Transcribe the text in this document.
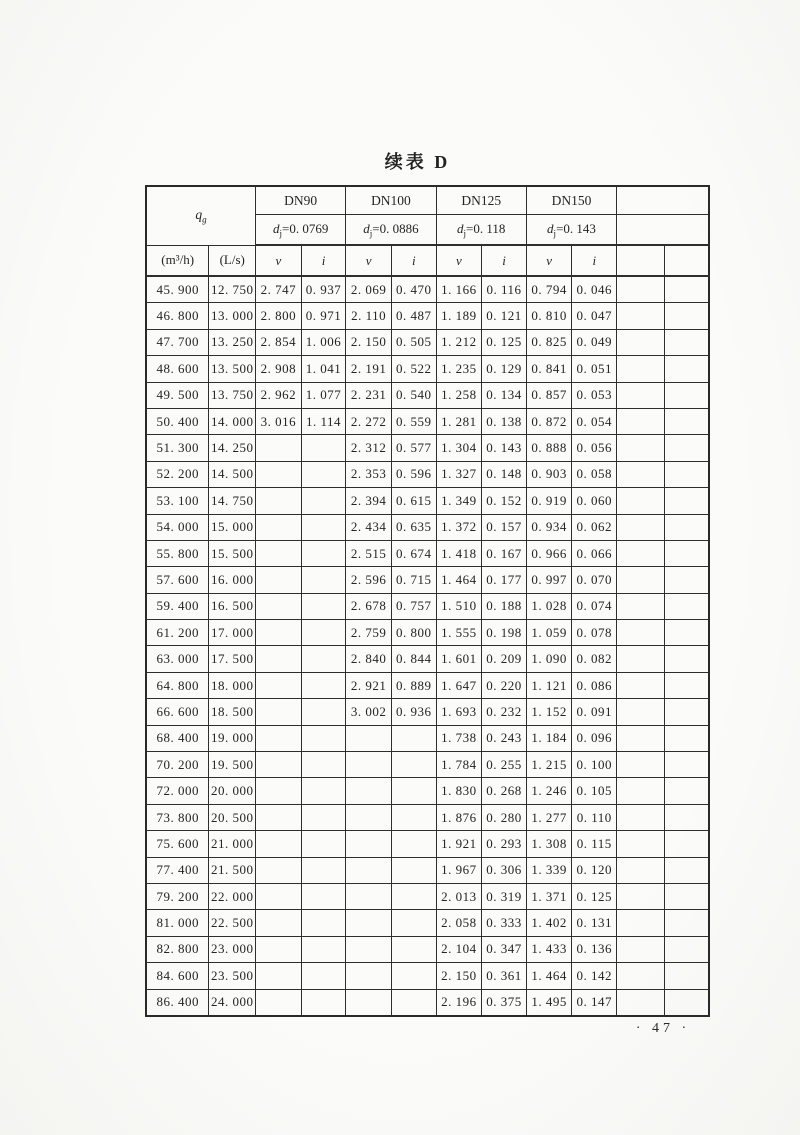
续表 D
$q_g$		DN90		DN100		DN125		DN150			
		$d_j=0$. 0769		$d_j=0$. 0886		$d_j=0$. 118		$d_j=0$. 143			
(m³/h)	(L/s)	v	i	v	i	v	i	v	i		
45. 900	12. 750	2. 747	0. 937	2. 069	0. 470	1. 166	0. 116	0. 794	0. 046		
46. 800	13. 000	2. 800	0. 971	2. 110	0. 487	1. 189	0. 121	0. 810	0. 047		
47. 700	13. 250	2. 854	1. 006	2. 150	0. 505	1. 212	0. 125	0. 825	0. 049		
48. 600	13. 500	2. 908	1. 041	2. 191	0. 522	1. 235	0. 129	0. 841	0. 051		
49. 500	13. 750	2. 962	1. 077	2. 231	0. 540	1. 258	0. 134	0. 857	0. 053		
50. 400	14. 000	3. 016	1. 114	2. 272	0. 559	1. 281	0. 138	0. 872	0. 054		
51. 300	14. 250			2. 312	0. 577	1. 304	0. 143	0. 888	0. 056		
52. 200	14. 500			2. 353	0. 596	1. 327	0. 148	0. 903	0. 058		
53. 100	14. 750			2. 394	0. 615	1. 349	0. 152	0. 919	0. 060		
54. 000	15. 000			2. 434	0. 635	1. 372	0. 157	0. 934	0. 062		
55. 800	15. 500			2. 515	0. 674	1. 418	0. 167	0. 966	0. 066		
57. 600	16. 000			2. 596	0. 715	1. 464	0. 177	0. 997	0. 070		
59. 400	16. 500			2. 678	0. 757	1. 510	0. 188	1. 028	0. 074		
61. 200	17. 000			2. 759	0. 800	1. 555	0. 198	1. 059	0. 078		
63. 000	17. 500			2. 840	0. 844	1. 601	0. 209	1. 090	0. 082		
64. 800	18. 000			2. 921	0. 889	1. 647	0. 220	1. 121	0. 086		
66. 600	18. 500			3. 002	0. 936	1. 693	0. 232	1. 152	0. 091		
68. 400	19. 000					1. 738	0. 243	1. 184	0. 096		
70. 200	19. 500					1. 784	0. 255	1. 215	0. 100		
72. 000	20. 000					1. 830	0. 268	1. 246	0. 105		
73. 800	20. 500					1. 876	0. 280	1. 277	0. 110		
75. 600	21. 000					1. 921	0. 293	1. 308	0. 115		
77. 400	21. 500					1. 967	0. 306	1. 339	0. 120		
79. 200	22. 000					2. 013	0. 319	1. 371	0. 125		
81. 000	22. 500					2. 058	0. 333	1. 402	0. 131		
82. 800	23. 000					2. 104	0. 347	1. 433	0. 136		
84. 600	23. 500					2. 150	0. 361	1. 464	0. 142		
86. 400	24. 000					2. 196	0. 375	1. 495	0. 147		
· 47 ·
